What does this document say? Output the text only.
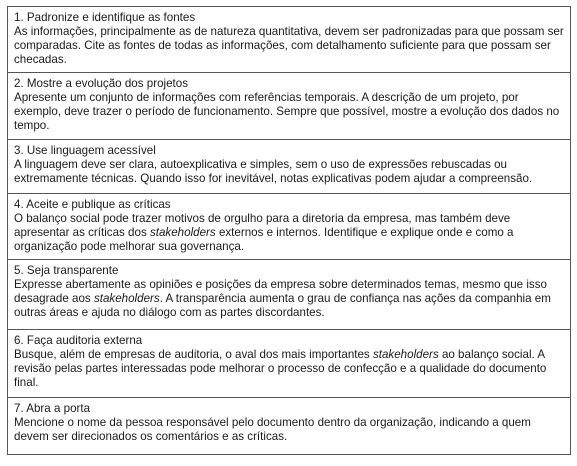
1. Padronize e identifique as fontes

As informações, principalmente as de natureza quantitativa, devem ser padronizadas para que possam ser comparadas. Cite as fontes de todas as informações, com detalhamento suficiente para que possam ser checadas.

2. Mostre a evolução dos projetos

Apresente um conjunto de informações com referências temporais. A descrição de um projeto, por exemplo, deve trazer o período de funcionamento. Sempre que possível, mostre a evolução dos dados no tempo.

3. Use linguagem acessível

A linguagem deve ser clara, autoexplicativa e simples, sem o uso de expressões rebuscadas ou extremamente técnicas. Quando isso for inevitável, notas explicativas podem ajudar a compreensão.

4. Aceite e publique as críticas

O balanço social pode trazer motivos de orgulho para a diretoria da empresa, mas também deve apresentar as críticas dos stakeholders externos e internos. Identifique e explique onde e como a organização pode melhorar sua governança.

5. Seja transparente

Expresse abertamente as opiniões e posições da empresa sobre determinados temas, mesmo que isso desagrade aos stakeholders. A transparência aumenta o grau de confiança nas ações da companhia em outras áreas e ajuda no diálogo com as partes discordantes.

6. Faça auditoria externa

Busque, além de empresas de auditoria, o aval dos mais importantes stakeholders ao balanço social. A revisão pelas partes interessadas pode melhorar o processo de confecção e a qualidade do documento final.

7. Abra a porta

Mencione o nome da pessoa responsável pelo documento dentro da organização, indicando a quem devem ser direcionados os comentários e as críticas.
